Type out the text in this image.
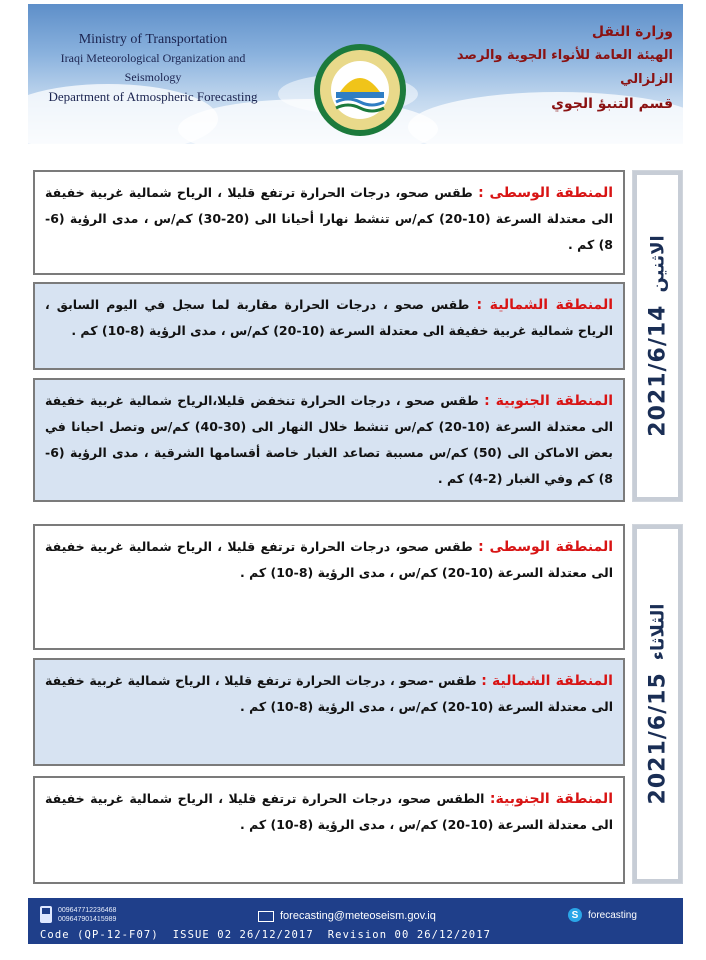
Ministry of Transportation
Iraqi Meteorological Organization and Seismology
Department of Atmospheric Forecasting
وزارة النقل
الهيئة العامة للأنواء الجوية والرصد الزلزالي
قسم التنبؤ الجوي
المنطقة الوسطى : طقس صحو، درجات الحرارة ترتفع قليلا ، الرياح شمالية غربية خفيفة الى معتدلة السرعة (10-20) كم/س تنشط نهارا أحيانا الى (20-30) كم/س ، مدى الرؤية (6-8) كم .
المنطقة الشمالية : طقس صحو ، درجات الحرارة مقاربة لما سجل في اليوم السابق ، الرياح شمالية غربية خفيفة الى معتدلة السرعة (10-20) كم/س ، مدى الرؤية (8-10) كم .
المنطقة الجنوبية : طقس صحو ، درجات الحرارة تنخفض قليلا،الرياح شمالية غربية خفيفة الى معتدلة السرعة (10-20) كم/س تنشط خلال النهار الى (30-40) كم/س وتصل احيانا في بعض الاماكن الى (50) كم/س مسببة تصاعد الغبار خاصة أقسامها الشرقية ، مدى الرؤية (6-8) كم وفي الغبار (2-4) كم .
2021/6/14
الاثنين
المنطقة الوسطى : طقس صحو، درجات الحرارة ترتفع قليلا ، الرياح شمالية غربية خفيفة الى معتدلة السرعة (10-20) كم/س ، مدى الرؤية (8-10) كم .
المنطقة الشمالية : طقس -صحو ، درجات الحرارة ترتفع قليلا ، الرياح شمالية غربية خفيفة الى معتدلة السرعة (10-20) كم/س ، مدى الرؤية (8-10) كم .
المنطقة الجنوبية: الطقس صحو، درجات الحرارة ترتفع قليلا ، الرياح شمالية غربية خفيفة الى معتدلة السرعة (10-20) كم/س ، مدى الرؤية (8-10) كم .
2021/6/15
الثلاثاء
009647712236468
009647901415989	forecasting@meteoseism.gov.iq	S forecasting
Code (QP-12-F07) ISSUE 02 26/12/2017 Revision 00 26/12/2017
